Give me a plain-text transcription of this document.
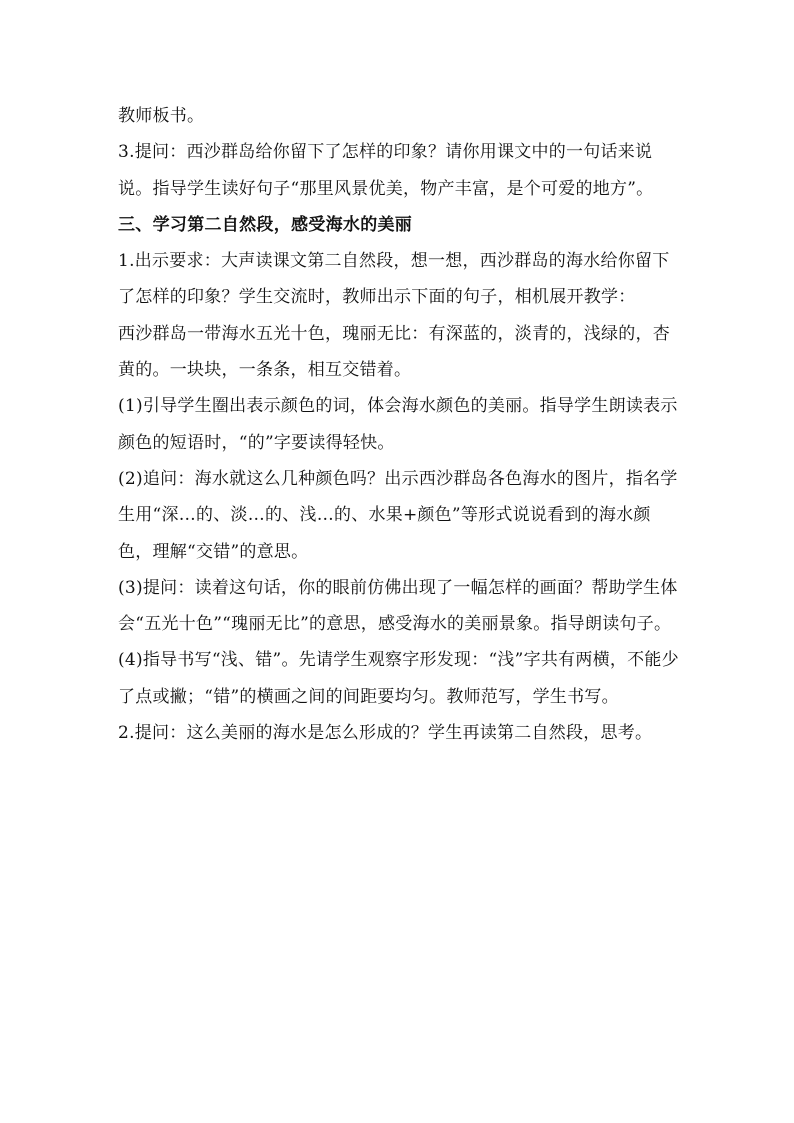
教师板书。

3.提问：西沙群岛给你留下了怎样的印象？请你用课文中的一句话来说说。指导学生读好句子“那里风景优美，物产丰富，是个可爱的地方”。

三、学习第二自然段，感受海水的美丽

1.出示要求：大声读课文第二自然段，想一想，西沙群岛的海水给你留下了怎样的印象？学生交流时，教师出示下面的句子，相机展开教学：

西沙群岛一带海水五光十色，瑰丽无比：有深蓝的，淡青的，浅绿的，杏黄的。一块块，一条条，相互交错着。

(1)引导学生圈出表示颜色的词，体会海水颜色的美丽。指导学生朗读表示颜色的短语时，“的”字要读得轻快。

(2)追问：海水就这么几种颜色吗？出示西沙群岛各色海水的图片，指名学生用“深…的、淡…的、浅…的、水果+颜色”等形式说说看到的海水颜色，理解“交错”的意思。

(3)提问：读着这句话，你的眼前仿佛出现了一幅怎样的画面？帮助学生体会“五光十色”“瑰丽无比”的意思，感受海水的美丽景象。指导朗读句子。

(4)指导书写“浅、错”。先请学生观察字形发现：“浅”字共有两横，不能少了点或撇；“错”的横画之间的间距要均匀。教师范写，学生书写。

2.提问：这么美丽的海水是怎么形成的？学生再读第二自然段，思考。
